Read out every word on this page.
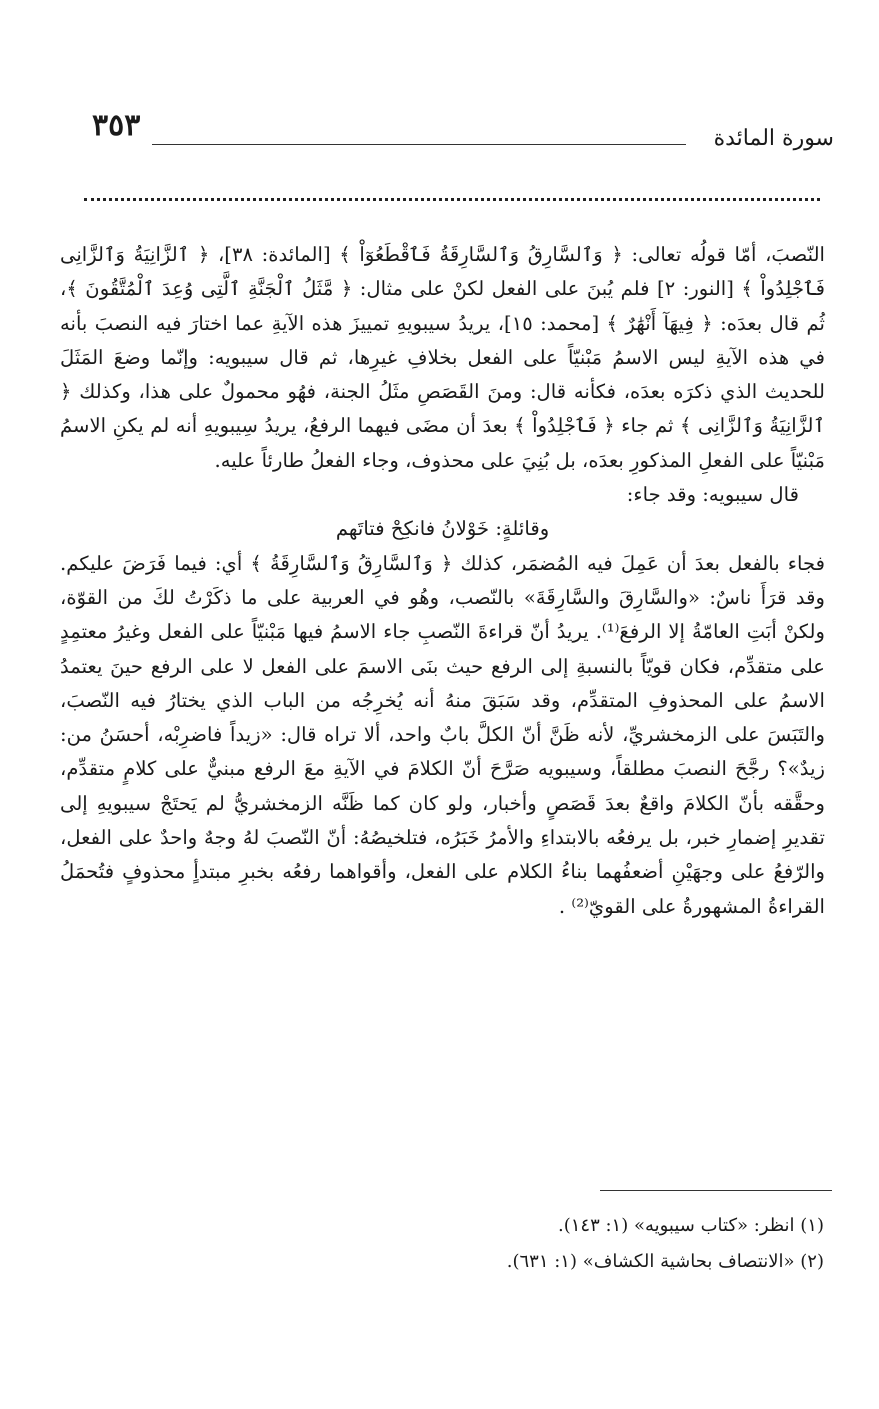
سورة المائدة
٣٥٣

النّصبَ، أمّا قولُه تعالى: ﴿ وَٱلسَّارِقُ وَٱلسَّارِقَةُ فَٱقْطَعُوٓاْ ﴾ [المائدة: ٣٨]، ﴿ ٱلزَّانِيَةُ وَٱلزَّانِى فَٱجْلِدُواْ ﴾ [النور: ٢] فلم يُبنَ على الفعل لكنْ على مثال: ﴿ مَّثَلُ ٱلْجَنَّةِ ٱلَّتِى وُعِدَ ٱلْمُتَّقُونَ ﴾، ثُم قال بعدَه: ﴿ فِيهَآ أَنْهَٰرٌ ﴾ [محمد: ١٥]، يريدُ سيبويهِ تمييزَ هذه الآيةِ عما اختارَ فيه النصبَ بأنه في هذه الآيةِ ليس الاسمُ مَبْنيّاً على الفعل بخلافِ غيرِها، ثم قال سيبويه: وإنّما وضعَ المَثَلَ للحديث الذي ذكرَه بعدَه، فكأنه قال: ومنَ القَصَصِ مثَلُ الجنة، فهُو محمولٌ على هذا، وكذلك ﴿ ٱلزَّانِيَةُ وَٱلزَّانِى ﴾ ثم جاء ﴿ فَٱجْلِدُواْ ﴾ بعدَ أن مضَى فيهما الرفعُ، يريدُ سِيبويهِ أنه لم يكنِ الاسمُ مَبْنيّاً على الفعلِ المذكورِ بعدَه، بل بُنِيَ على محذوف، وجاء الفعلُ طارئاً عليه.

قال سيبويه: وقد جاء:

وقائلةٍ: خَوْلانُ فانكِحْ فتاتَهم

فجاء بالفعل بعدَ أن عَمِلَ فيه المُضمَر، كذلك ﴿ وَٱلسَّارِقُ وَٱلسَّارِقَةُ ﴾ أي: فيما فَرَضَ عليكم. وقد قرَأَ ناسٌ: «والسَّارِقَ والسَّارِقَةَ» بالنّصب، وهُو في العربية على ما ذكَرْتُ لكَ من القوّة، ولكنْ أبَتِ العامّةُ إلا الرفعَ⁽¹⁾. يريدُ أنّ قراءةَ النّصبِ جاء الاسمُ فيها مَبْنيّاً على الفعل وغيرُ معتمِدٍ على متقدِّم، فكان قويّاً بالنسبةِ إلى الرفع حيث بنَى الاسمَ على الفعل لا على الرفع حينَ يعتمدُ الاسمُ على المحذوفِ المتقدِّم، وقد سَبَقَ منهُ أنه يُخرِجُه من الباب الذي يختارُ فيه النّصبَ، والتَبَسَ على الزمخشريِّ، لأنه ظَنَّ أنّ الكلَّ بابٌ واحد، ألا تراه قال: «زيداً فاضرِبْه، أحسَنُ من: زيدٌ»؟ رجَّحَ النصبَ مطلقاً، وسيبويه صَرَّحَ أنّ الكلامَ في الآيةِ معَ الرفع مبنيٌّ على كلامٍ متقدِّم، وحقَّقه بأنّ الكلامَ واقعٌ بعدَ قَصَصٍ وأخبار، ولو كان كما ظَنَّه الزمخشريُّ لم يَحتَجْ سيبويهِ إلى تقديرِ إضمارِ خبر، بل يرفعُه بالابتداءِ والأمرُ خَبَرُه، فتلخيصُهُ: أنّ النّصبَ لهُ وجهٌ واحدٌ على الفعل، والرّفعُ على وجهَيْنِ أضعفُهما بناءُ الكلام على الفعل، وأقواهما رفعُه بخبرِ مبتدأٍ محذوفٍ فتُحمَلُ القراءةُ المشهورةُ على القويّ⁽²⁾ .

(١) انظر: «كتاب سيبويه» (١: ١٤٣).

(٢) «الانتصاف بحاشية الكشاف» (١: ٦٣١).
